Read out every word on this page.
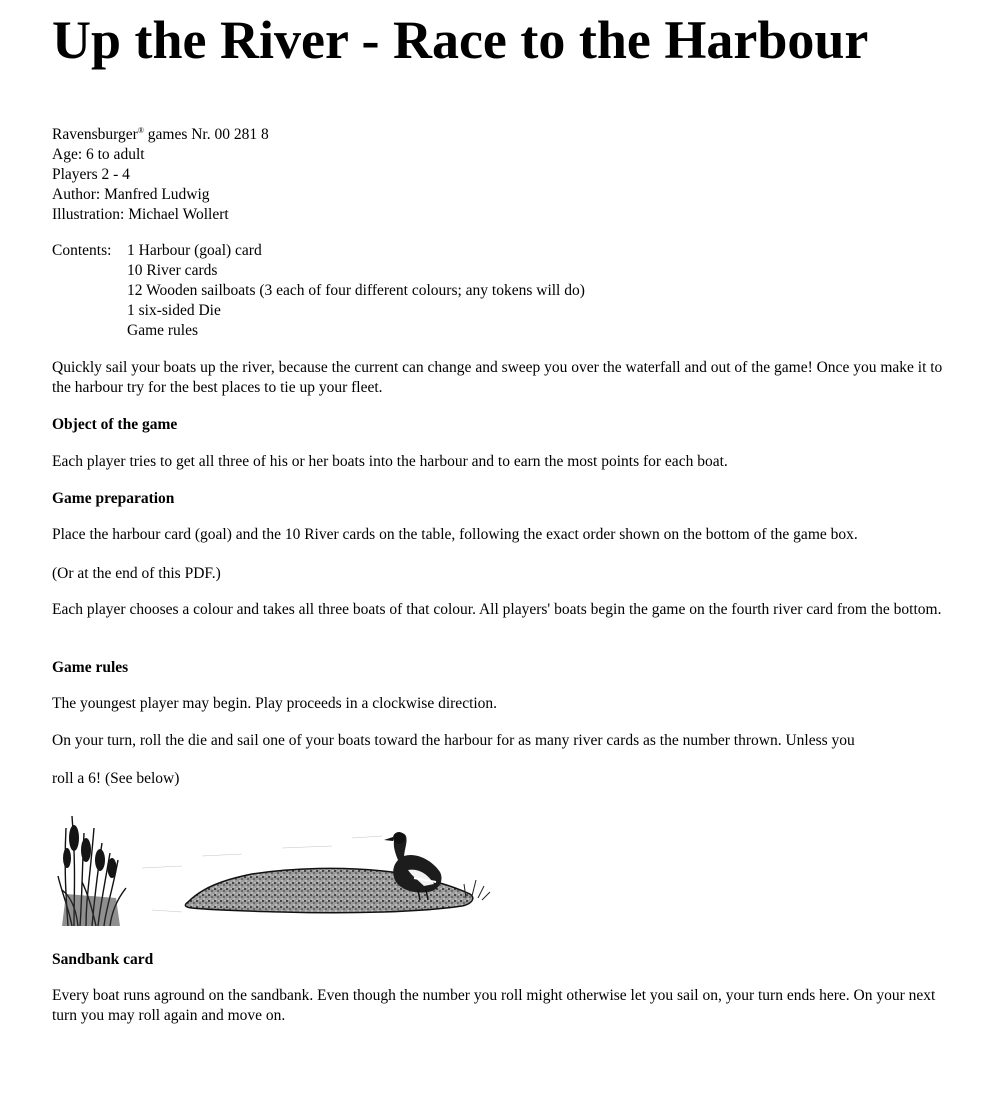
Up the River - Race to the Harbour
Ravensburger® games Nr. 00 281 8
Age: 6 to adult
Players 2 - 4
Author: Manfred Ludwig
Illustration: Michael Wollert
Contents: 1 Harbour (goal) card
10 River cards
12 Wooden sailboats (3 each of four different colours; any tokens will do)
1 six-sided Die
Game rules
Quickly sail your boats up the river, because the current can change and sweep you over the waterfall and out of the game! Once you make it to the harbour try for the best places to tie up your fleet.
Object of the game
Each player tries to get all three of his or her boats into the harbour and to earn the most points for each boat.
Game preparation
Place the harbour card (goal) and the 10 River cards on the table, following the exact order shown on the bottom of the game box.
(Or at the end of this PDF.)
Each player chooses a colour and takes all three boats of that colour. All players' boats begin the game on the fourth river card from the bottom.
Game rules
The youngest player may begin. Play proceeds in a clockwise direction.
On your turn, roll the die and sail one of your boats toward the harbour for as many river cards as the number thrown. Unless you
roll a 6! (See below)
Sandbank card
Every boat runs aground on the sandbank. Even though the number you roll might otherwise let you sail on, your turn ends here. On your next turn you may roll again and move on.
